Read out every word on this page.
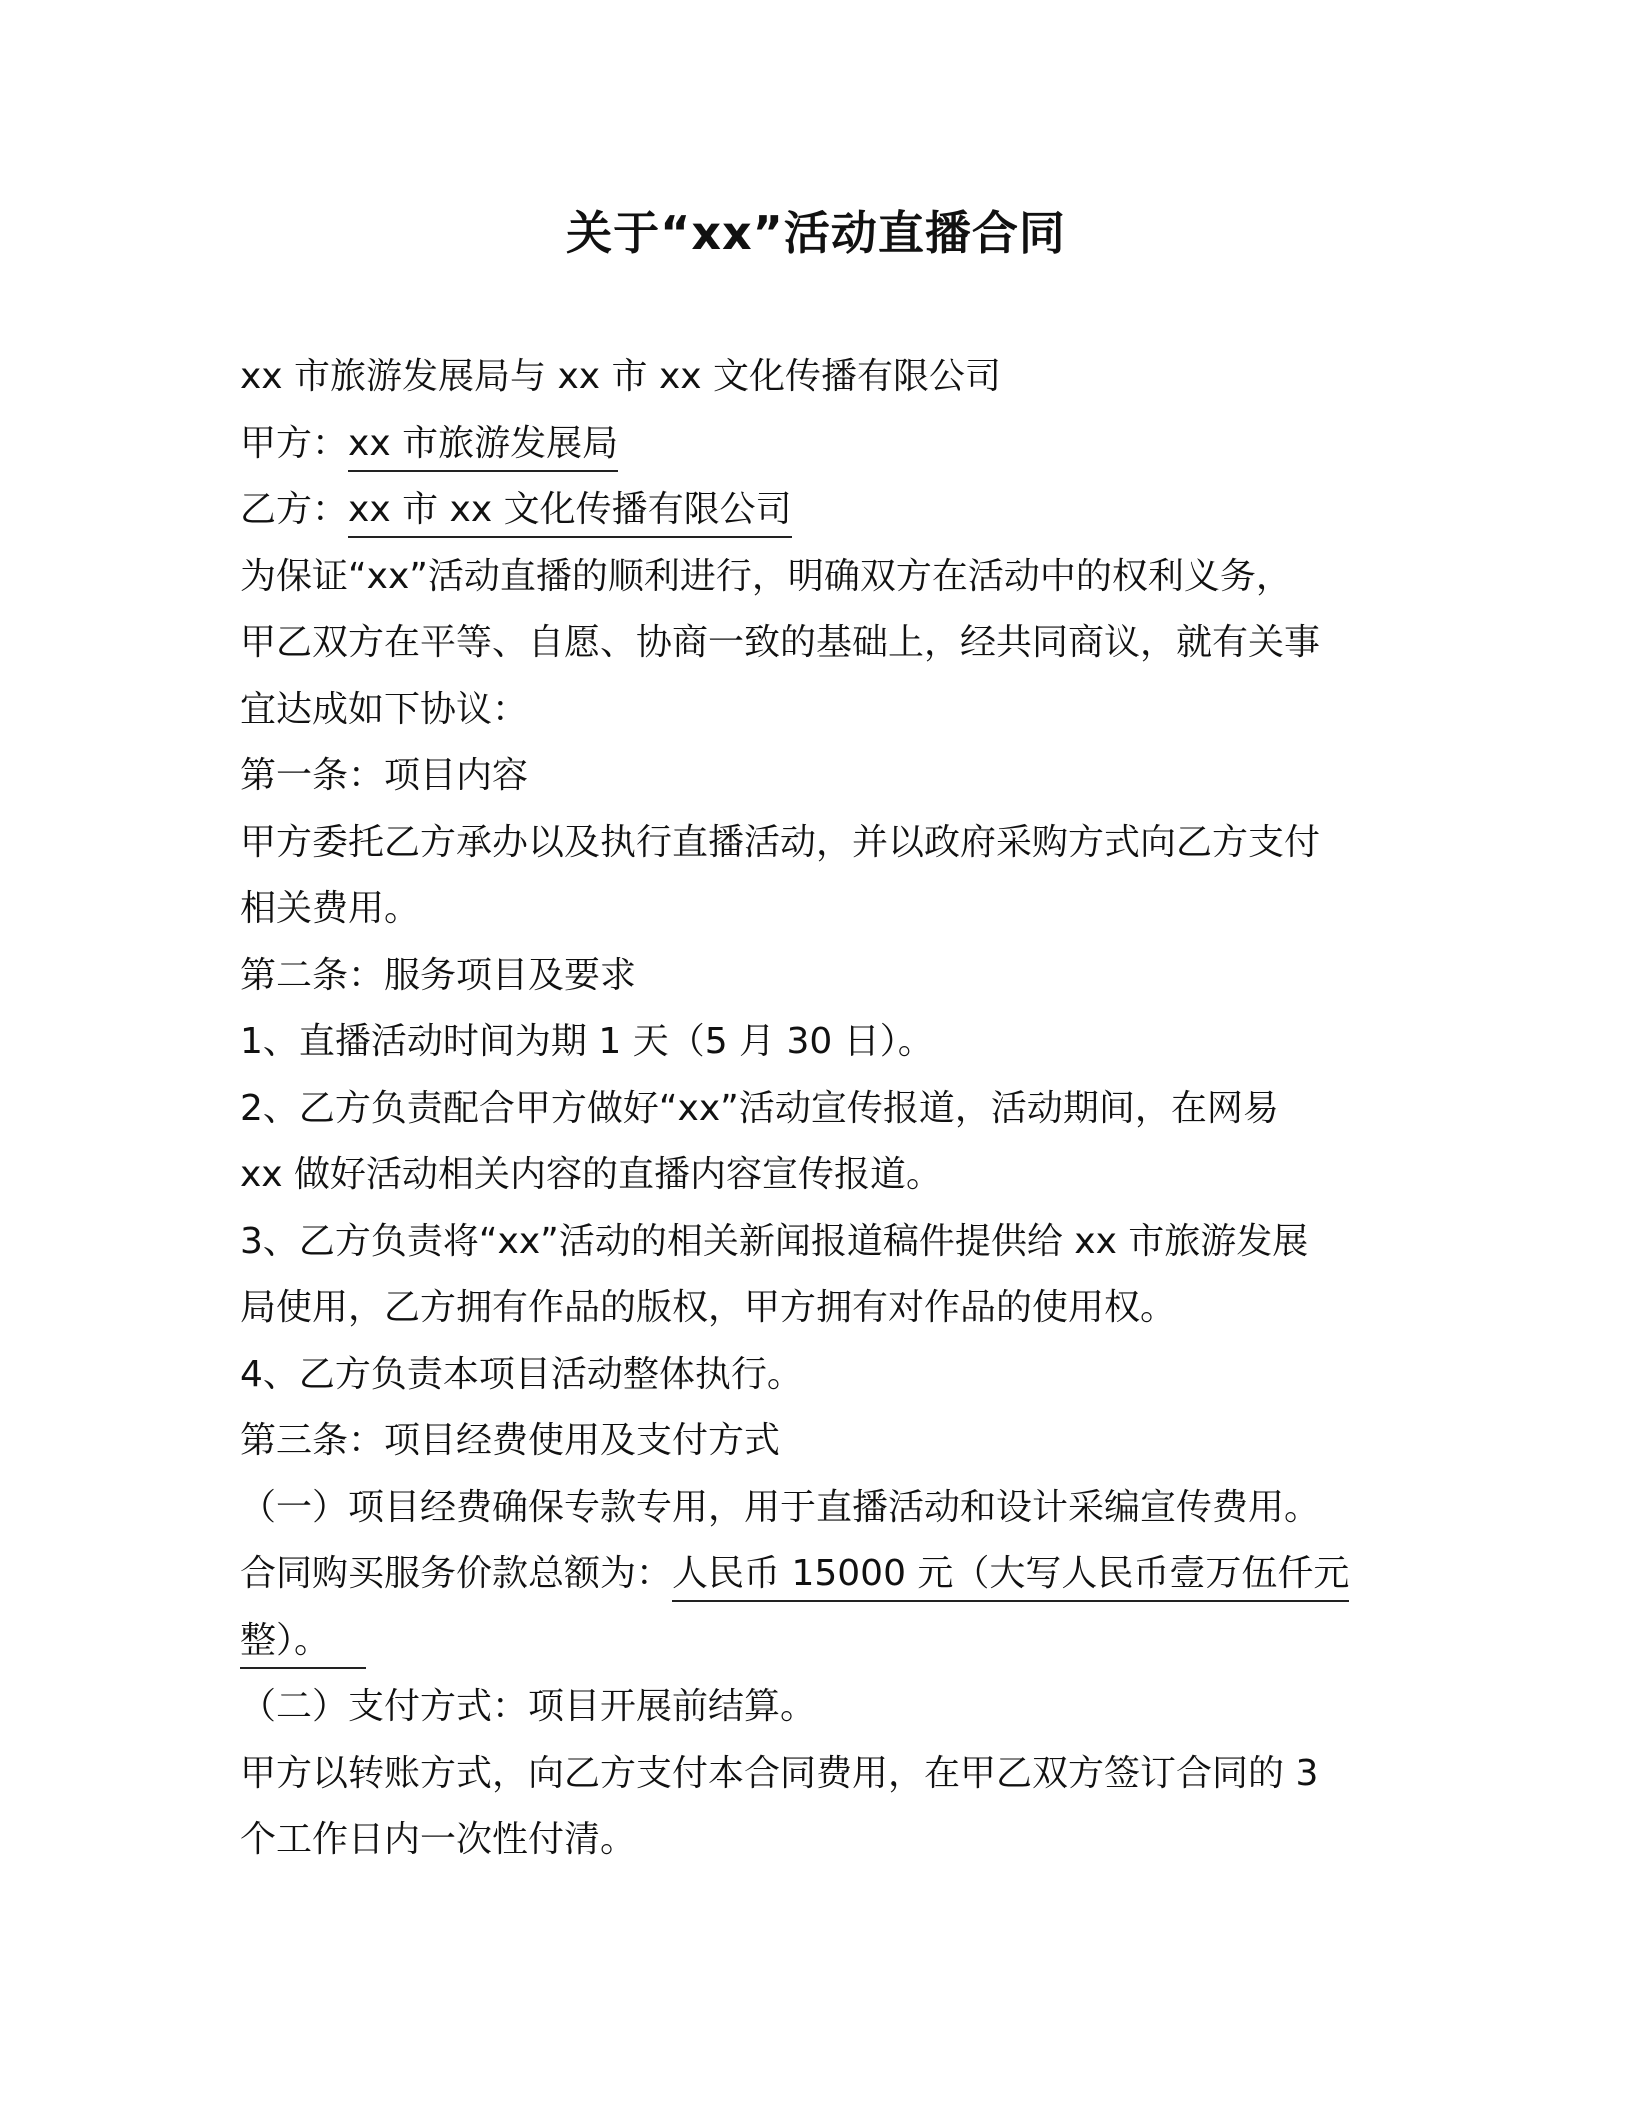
关于“xx”活动直播合同
xx 市旅游发展局与 xx 市 xx 文化传播有限公司
甲方：xx 市旅游发展局
乙方：xx 市 xx 文化传播有限公司
为保证“xx”活动直播的顺利进行，明确双方在活动中的权利义务，
甲乙双方在平等、自愿、协商一致的基础上，经共同商议，就有关事
宜达成如下协议：
第一条：项目内容
甲方委托乙方承办以及执行直播活动，并以政府采购方式向乙方支付
相关费用。
第二条：服务项目及要求
1、直播活动时间为期 1 天（5 月 30 日）。
2、乙方负责配合甲方做好“xx”活动宣传报道，活动期间，在网易
xx 做好活动相关内容的直播内容宣传报道。
3、乙方负责将“xx”活动的相关新闻报道稿件提供给 xx 市旅游发展
局使用，乙方拥有作品的版权，甲方拥有对作品的使用权。
4、乙方负责本项目活动整体执行。
第三条：项目经费使用及支付方式
（一）项目经费确保专款专用，用于直播活动和设计采编宣传费用。
合同购买服务价款总额为：人民币 15000 元（大写人民币壹万伍仟元
整）。
（二）支付方式：项目开展前结算。
甲方以转账方式，向乙方支付本合同费用，在甲乙双方签订合同的 3
个工作日内一次性付清。
